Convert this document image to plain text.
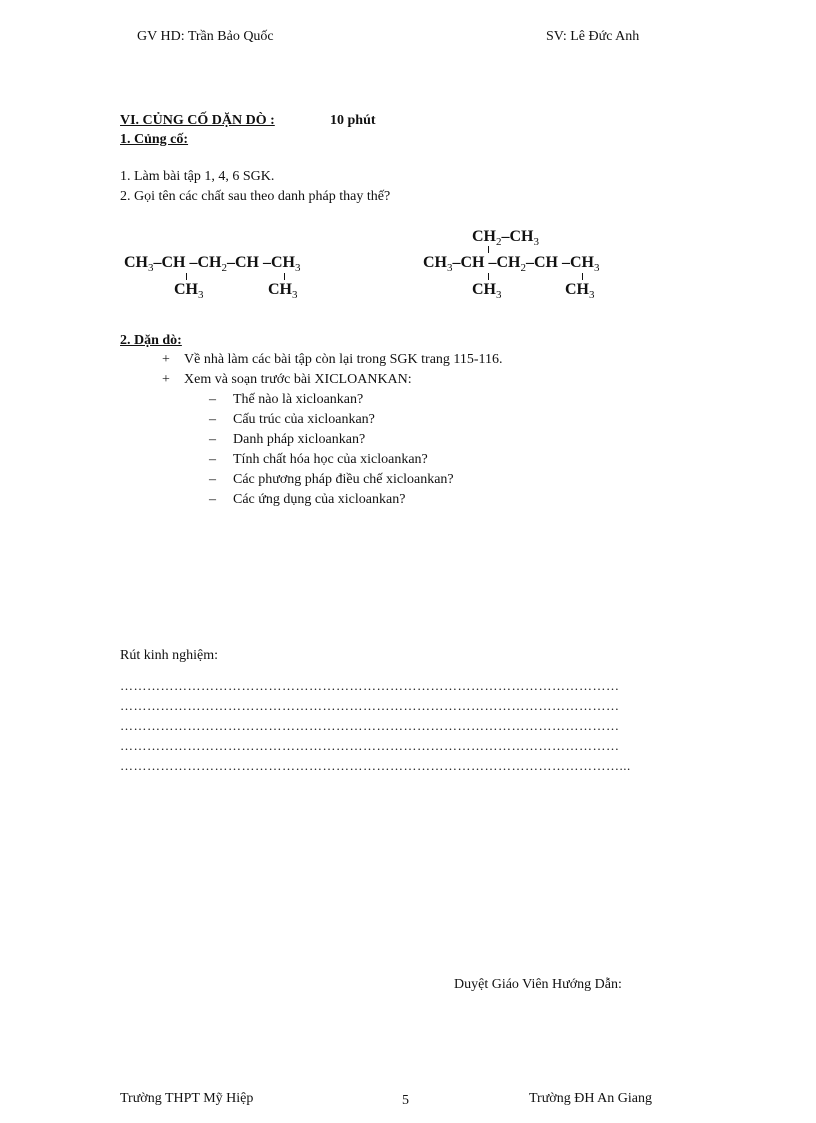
GV HD: Trần Bảo Quốc	SV: Lê Đức Anh
VI. CỦNG CỐ DẶN DÒ :	10 phút
1. Củng cố:
1. Làm bài tập 1, 4, 6 SGK.
2. Gọi tên các chất sau theo danh pháp thay thế?
$CH_3-CH$ $-CH_2-CH$ $-CH_3$
$CH_3$	$CH_3$
$CH_2-CH_3$
$CH_3-CH$ $-CH_2-CH$ $-CH_3$
$CH_3$	$CH_3$
2. Dặn dò:
+ Về nhà làm các bài tập còn lại trong SGK trang 115-116.
+ Xem và soạn trước bài XICLOANKAN:
– Thế nào là xicloankan?
– Cấu trúc của xicloankan?
– Danh pháp xicloankan?
– Tính chất hóa học của xicloankan?
– Các phương pháp điều chế xicloankan?
– Các ứng dụng của xicloankan?
Rút kinh nghiệm:
…………………………………………………………………………………………………
…………………………………………………………………………………………………
…………………………………………………………………………………………………
…………………………………………………………………………………………………
…………………………………………………………………………………………………...
Duyệt Giáo Viên Hướng Dẫn:
Trường THPT Mỹ Hiệp	5	Trường ĐH An Giang
